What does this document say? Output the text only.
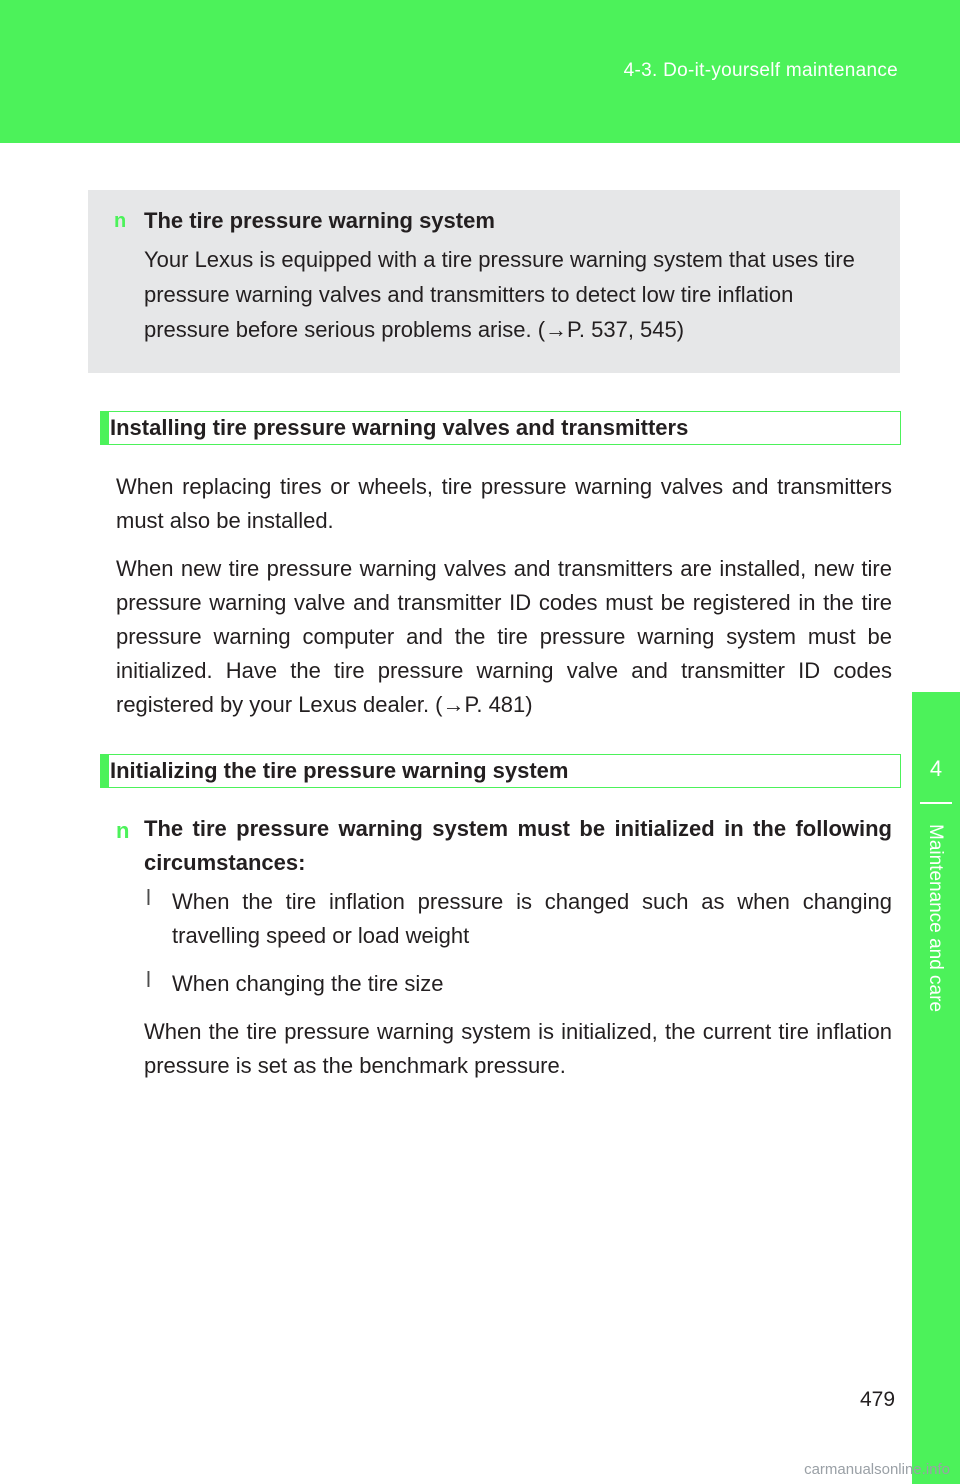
4-3. Do-it-yourself maintenance
4
Maintenance and care
n The tire pressure warning system
Your Lexus is equipped with a tire pressure warning system that uses tire pressure warning valves and transmitters to detect low tire inflation pressure before serious problems arise. (→P. 537, 545)
Installing tire pressure warning valves and transmitters
When replacing tires or wheels, tire pressure warning valves and transmitters must also be installed.
When new tire pressure warning valves and transmitters are installed, new tire pressure warning valve and transmitter ID codes must be registered in the tire pressure warning computer and the tire pressure warning system must be initialized. Have the tire pressure warning valve and transmitter ID codes registered by your Lexus dealer. (→P. 481)
Initializing the tire pressure warning system
n The tire pressure warning system must be initialized in the following circumstances:
l When the tire inflation pressure is changed such as when changing travelling speed or load weight
l When changing the tire size
When the tire pressure warning system is initialized, the current tire inflation pressure is set as the benchmark pressure.
479
carmanualsonline.info
